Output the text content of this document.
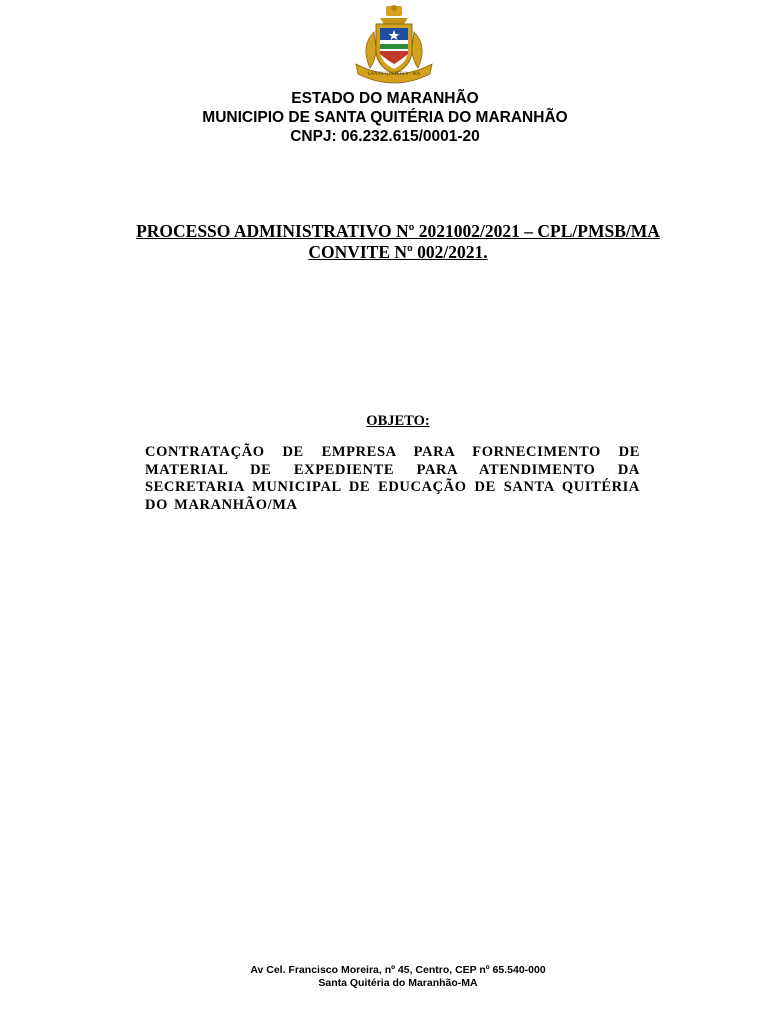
SANTA QUITÉRIA - MA
ESTADO DO MARANHÃO
MUNICIPIO DE SANTA QUITÉRIA DO MARANHÃO
CNPJ: 06.232.615/0001-20
PROCESSO ADMINISTRATIVO Nº 2021002/2021 – CPL/PMSB/MA
CONVITE Nº 002/2021.
OBJETO:
CONTRATAÇÃO DE EMPRESA PARA FORNECIMENTO DE MATERIAL DE EXPEDIENTE PARA ATENDIMENTO DA SECRETARIA MUNICIPAL DE EDUCAÇÃO DE SANTA QUITÉRIA DO MARANHÃO/MA
Av Cel. Francisco Moreira, nº 45, Centro, CEP nº 65.540-000
Santa Quitéria do Maranhão-MA
